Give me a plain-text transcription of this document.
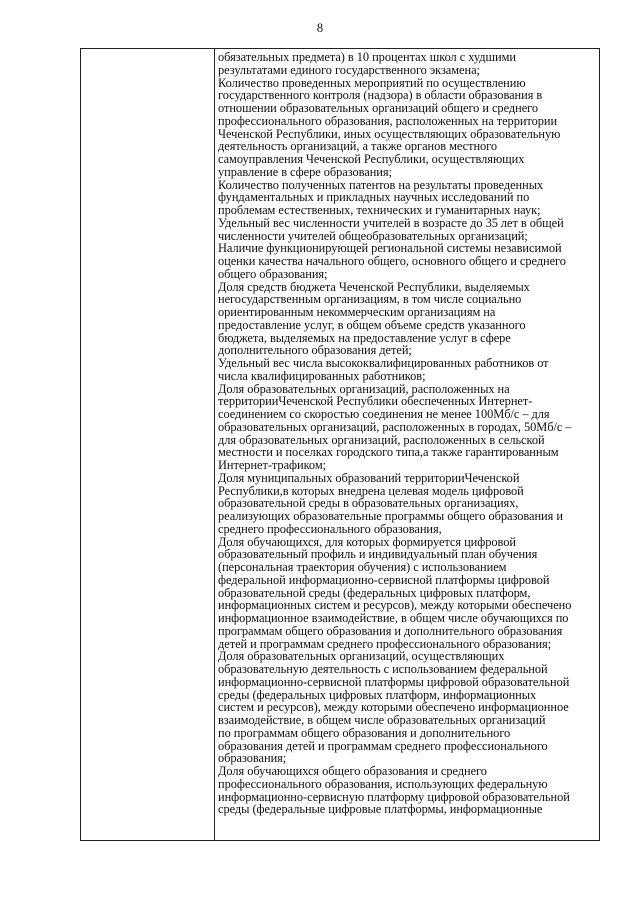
8

обязательных предмета) в 10 процентах школ с худшими
результатами единого государственного экзамена;
Количество проведенных мероприятий по осуществлению
государственного контроля (надзора) в области образования в
отношении образовательных организаций общего и среднего
профессионального образования, расположенных на территории
Чеченской Республики, иных осуществляющих образовательную
деятельность организаций, а также органов местного
самоуправления Чеченской Республики, осуществляющих
управление в сфере образования;
Количество полученных патентов на результаты проведенных
фундаментальных и прикладных научных исследований по
проблемам естественных, технических и гуманитарных наук;
Удельный вес численности учителей в возрасте до 35 лет в общей
численности учителей общеобразовательных организаций;
Наличие функционирующей региональной системы независимой
оценки качества начального общего, основного общего и среднего
общего образования;
Доля средств бюджета Чеченской Республики, выделяемых
негосударственным организациям, в том числе социально
ориентированным некоммерческим организациям на
предоставление услуг, в общем объеме средств указанного
бюджета, выделяемых на предоставление услуг в сфере
дополнительного образования детей;
Удельный вес числа высококвалифицированных работников от
числа квалифицированных работников;
Доля образовательных организаций, расположенных на
территорииЧеченской Республики обеспеченных Интернет-
соединением со скоростью соединения не менее 100Мб/с – для
образовательных организаций, расположенных в городах, 50Мб/с –
для образовательных организаций, расположенных в сельской
местности и поселках городского типа,а также гарантированным
Интернет-трафиком;
Доля муниципальных образований территорииЧеченской
Республики,в которых внедрена целевая модель цифровой
образовательной среды в образовательных организациях,
реализующих образовательные программы общего образования и
среднего профессионального образования,
Доля обучающихся, для которых формируется цифровой
образовательный профиль и индивидуальный план обучения
(персональная траектория обучения) с использованием
федеральной информационно-сервисной платформы цифровой
образовательной среды (федеральных цифровых платформ,
информационных систем и ресурсов), между которыми обеспечено
информационное взаимодействие, в общем числе обучающихся по
программам общего образования и дополнительного образования
детей и программам среднего профессионального образования;
Доля образовательных организаций, осуществляющих
образовательную деятельность с использованием федеральной
информационно-сервисной платформы цифровой образовательной
среды (федеральных цифровых платформ, информационных
систем и ресурсов), между которыми обеспечено информационное
взаимодействие, в общем числе образовательных организаций
по программам общего образования и дополнительного
образования детей и программам среднего профессионального
образования;
Доля обучающихся общего образования и среднего
профессионального образования, использующих федеральную
информационно-сервисную платформу цифровой образовательной
среды (федеральные цифровые платформы, информационные
